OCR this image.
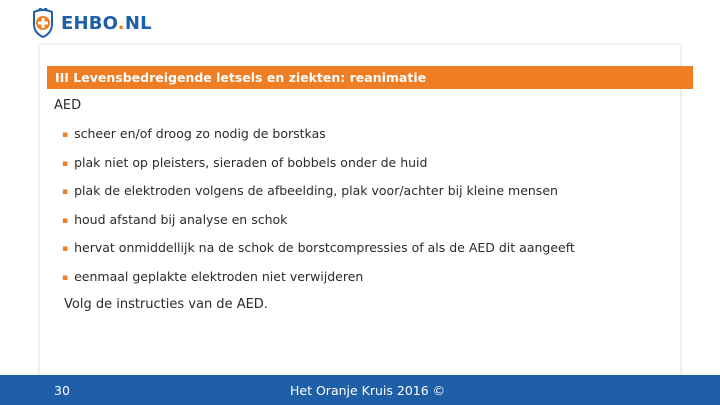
EHBO.NL
III Levensbedreigende letsels en ziekten: reanimatie
AED
▪ scheer en/of droog zo nodig de borstkas
▪ plak niet op pleisters, sieraden of bobbels onder de huid
▪ plak de elektroden volgens de afbeelding, plak voor/achter bij kleine mensen
▪ houd afstand bij analyse en schok
▪ hervat onmiddellijk na de schok de borstcompressies of als de AED dit aangeeft
▪ eenmaal geplakte elektroden niet verwijderen
Volg de instructies van de AED.
30	Het Oranje Kruis 2016 ©
